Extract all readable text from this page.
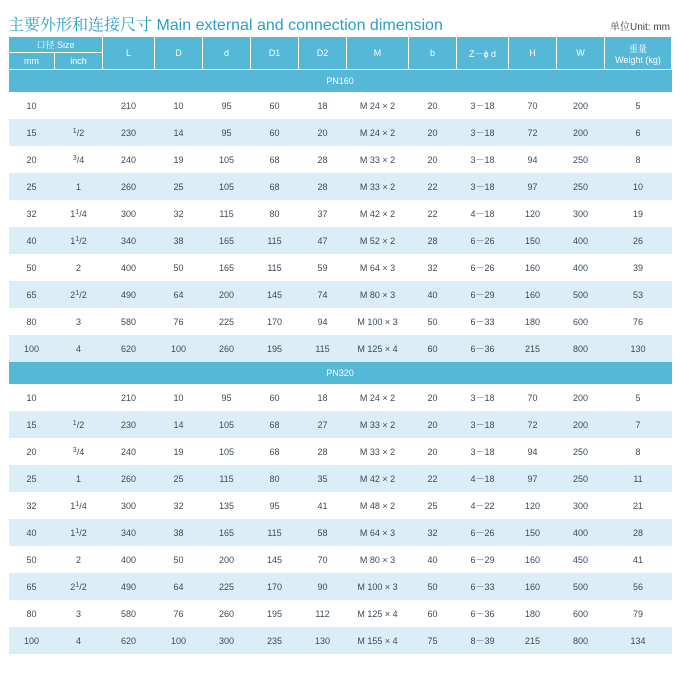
主要外形和连接尺寸 Main external and connection dimension	单位Unit: mm
口径 Size		L	D	d	D1	D2	M	b	Z－ϕ d	H	W	重量
Weight (kg)
mm	inch											
PN160												
10		210	10	95	60	18	M 24 × 2	20	3－18	70	200	5
15	$^1$/2	230	14	95	60	20	M 24 × 2	20	3－18	72	200	6
20	$^3$/4	240	19	105	68	28	M 33 × 2	20	3－18	94	250	8
25	1	260	25	105	68	28	M 33 × 2	22	3－18	97	250	10
32	$1^1/4$	300	32	115	80	37	M 42 × 2	22	4－18	120	300	19
40	$1^1/2$	340	38	165	115	47	M 52 × 2	28	6－26	150	400	26
50	2	400	50	165	115	59	M 64 × 3	32	6－26	160	400	39
65	$2^1/2$	490	64	200	145	74	M 80 × 3	40	6－29	160	500	53
80	3	580	76	225	170	94	M 100 × 3	50	6－33	180	600	76
100	4	620	100	260	195	115	M 125 × 4	60	6－36	215	800	130
PN320												
10		210	10	95	60	18	M 24 × 2	20	3－18	70	200	5
15	$^1$/2	230	14	105	68	27	M 33 × 2	20	3－18	72	200	7
20	$^3$/4	240	19	105	68	28	M 33 × 2	20	3－18	94	250	8
25	1	260	25	115	80	35	M 42 × 2	22	4－18	97	250	11
32	$1^1/4$	300	32	135	95	41	M 48 × 2	25	4－22	120	300	21
40	$1^1/2$	340	38	165	115	58	M 64 × 3	32	6－26	150	400	28
50	2	400	50	200	145	70	M 80 × 3	40	6－29	160	450	41
65	$2^1/2$	490	64	225	170	90	M 100 × 3	50	6－33	160	500	56
80	3	580	76	260	195	112	M 125 × 4	60	6－36	180	600	79
100	4	620	100	300	235	130	M 155 × 4	75	8－39	215	800	134
